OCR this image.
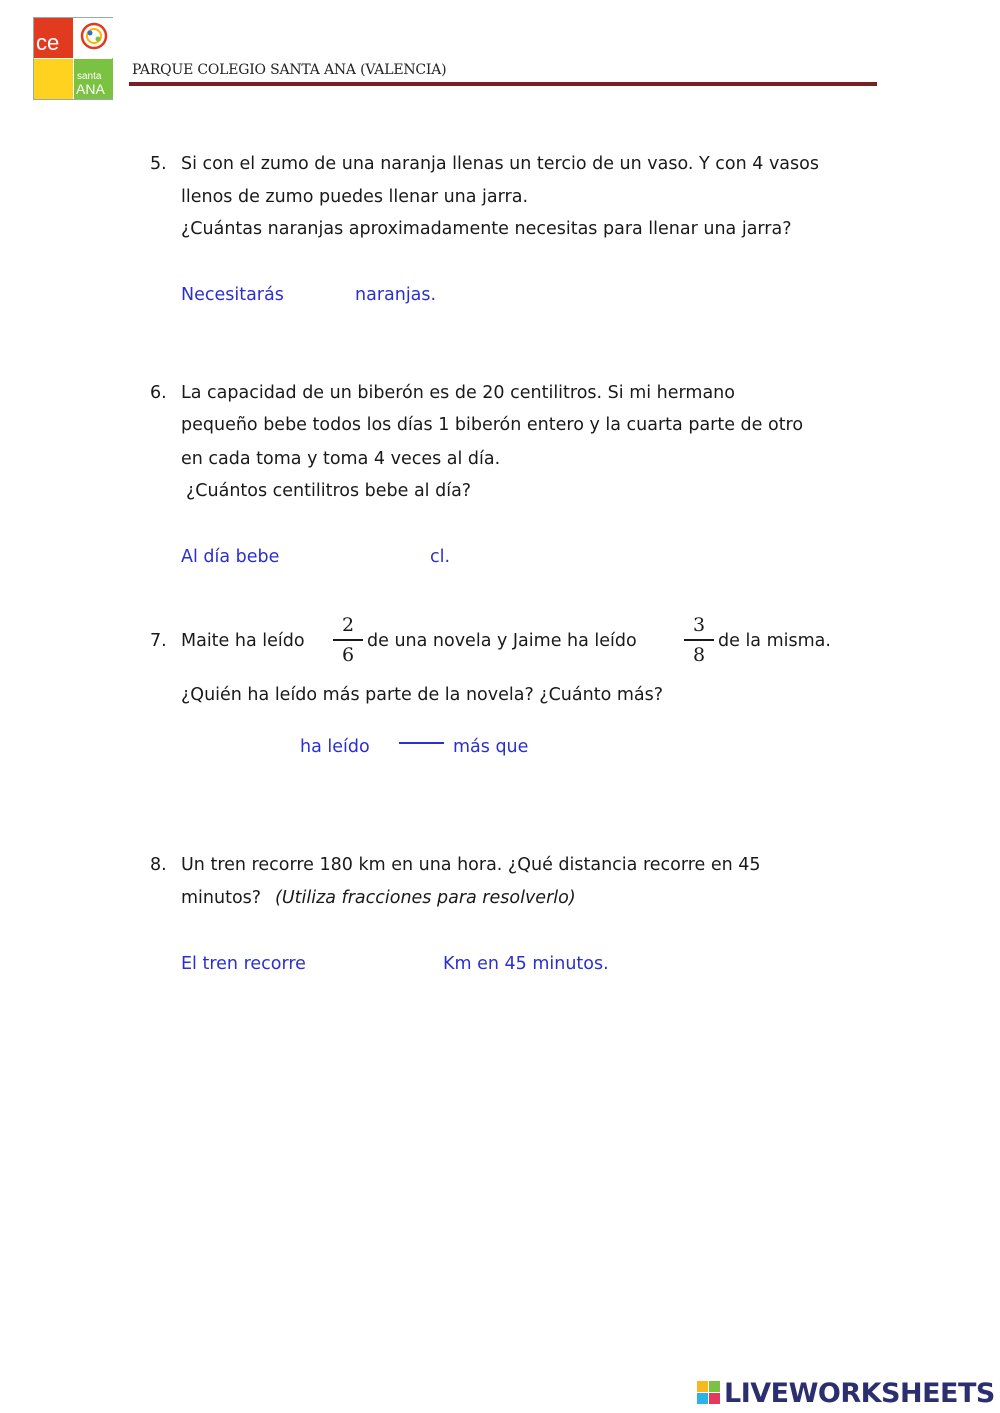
ce
santa
ANA
PARQUE COLEGIO SANTA ANA (VALENCIA)
5. Si con el zumo de una naranja llenas un tercio de un vaso. Y con 4 vasos
llenos de zumo puedes llenar una jarra.
¿Cuántas naranjas aproximadamente necesitas para llenar una jarra?
Necesitarás	naranjas.
6. La capacidad de un biberón es de 20 centilitros. Si mi hermano
pequeño bebe todos los días 1 biberón entero y la cuarta parte de otro
en cada toma y toma 4 veces al día.
¿Cuántos centilitros bebe al día?
Al día bebe	cl.
7. Maite ha leído
2
6
de una novela y Jaime ha leído
3
8
de la misma.
¿Quién ha leído más parte de la novela? ¿Cuánto más?
ha leído	más que
8. Un tren recorre 180 km en una hora. ¿Qué distancia recorre en 45
minutos? (Utiliza fracciones para resolverlo)
El tren recorre	Km en 45 minutos.
LIVEWORKSHEETS
